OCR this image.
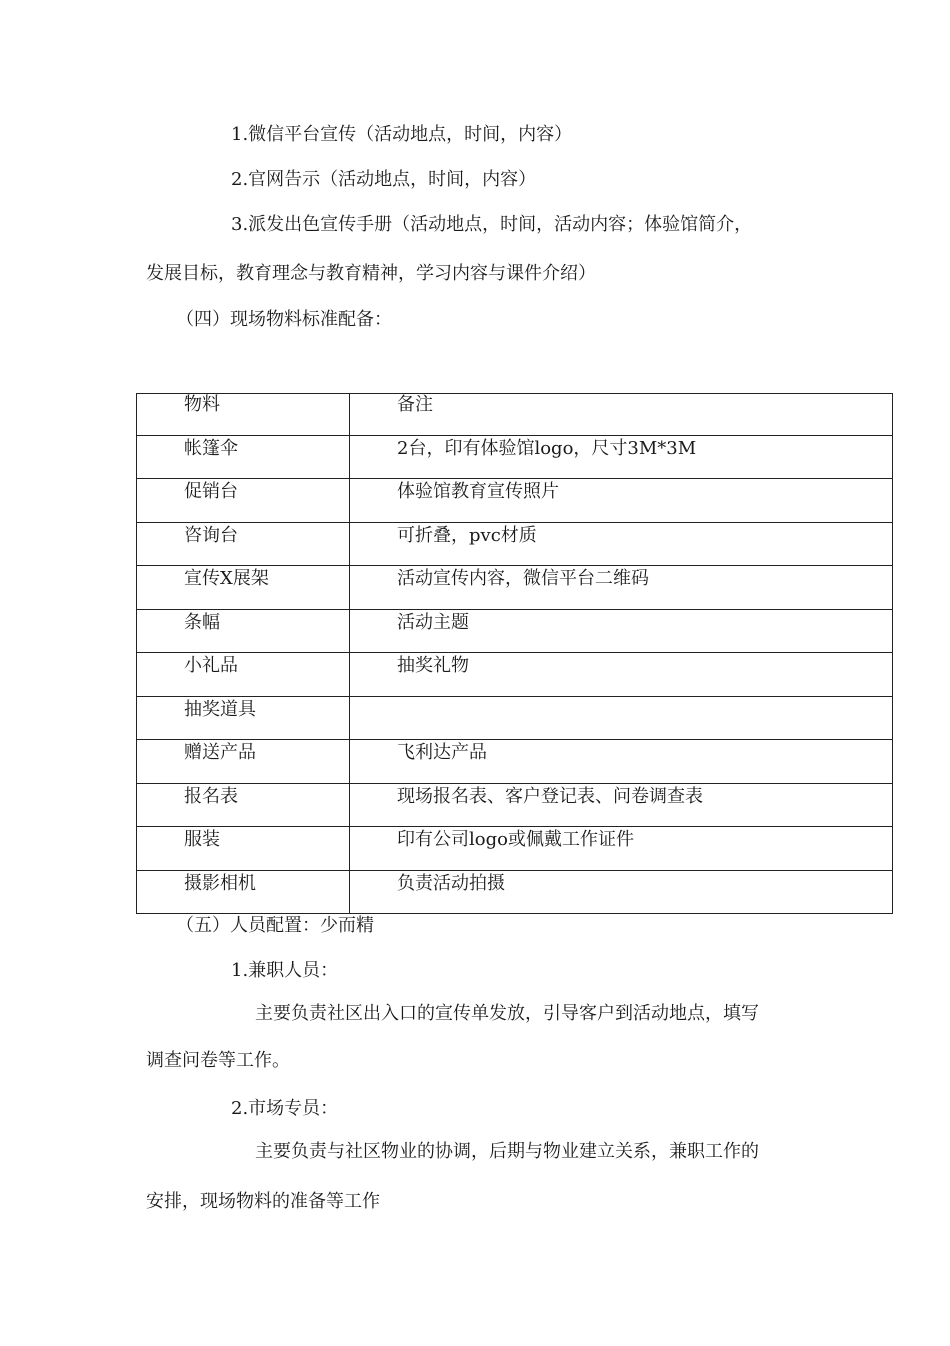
1.微信平台宣传（活动地点，时间，内容）
2.官网告示（活动地点，时间，内容）
3.派发出色宣传手册（活动地点，时间，活动内容；体验馆简介，
发展目标，教育理念与教育精神，学习内容与课件介绍）
（四）现场物料标准配备：
物料	备注
帐篷伞	2台，印有体验馆logo，尺寸3M*3M
促销台	体验馆教育宣传照片
咨询台	可折叠，pvc材质
宣传X展架	活动宣传内容，微信平台二维码
条幅	活动主题
小礼品	抽奖礼物
抽奖道具	
赠送产品	飞利达产品
报名表	现场报名表、客户登记表、问卷调查表
服装	印有公司logo或佩戴工作证件
摄影相机	负责活动拍摄
（五）人员配置：少而精
1.兼职人员：
主要负责社区出入口的宣传单发放，引导客户到活动地点，填写
调查问卷等工作。
2.市场专员：
主要负责与社区物业的协调，后期与物业建立关系，兼职工作的
安排，现场物料的准备等工作
